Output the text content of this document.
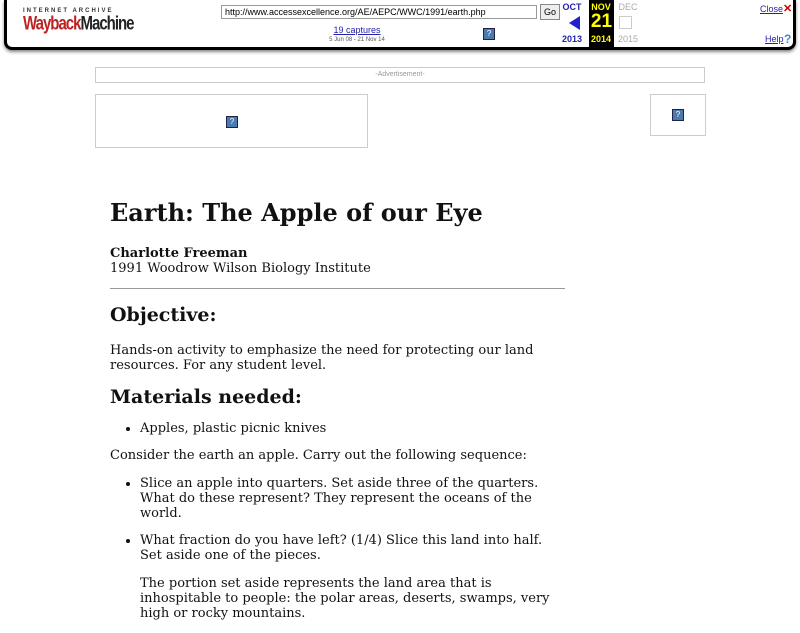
INTERNET ARCHIVE
WaybackMachine
http://www.accessexcellence.org/AE/AEPC/WWC/1991/earth.php	Go
19 captures
5 Jun 08 - 21 Nov 14
?
OCT NOV DEC
21
2013 2014 2015
Close ✕
Help ?
-Advertisement-
?
?
Earth: The Apple of our Eye

Charlotte Freeman

1991 Woodrow Wilson Biology Institute

Objective:

Hands-on activity to emphasize the need for protecting our land resources. For any student level.

Materials needed:
• Apples, plastic picnic knives

Consider the earth an apple. Carry out the following sequence:

• Slice an apple into quarters. Set aside three of the quarters. What do these represent? They represent the oceans of the world.
• What fraction do you have left? (1/4) Slice this land into half. Set aside one of the pieces.

The portion set aside represents the land area that is inhospitable to people: the polar areas, deserts, swamps, very high or rocky mountains.
